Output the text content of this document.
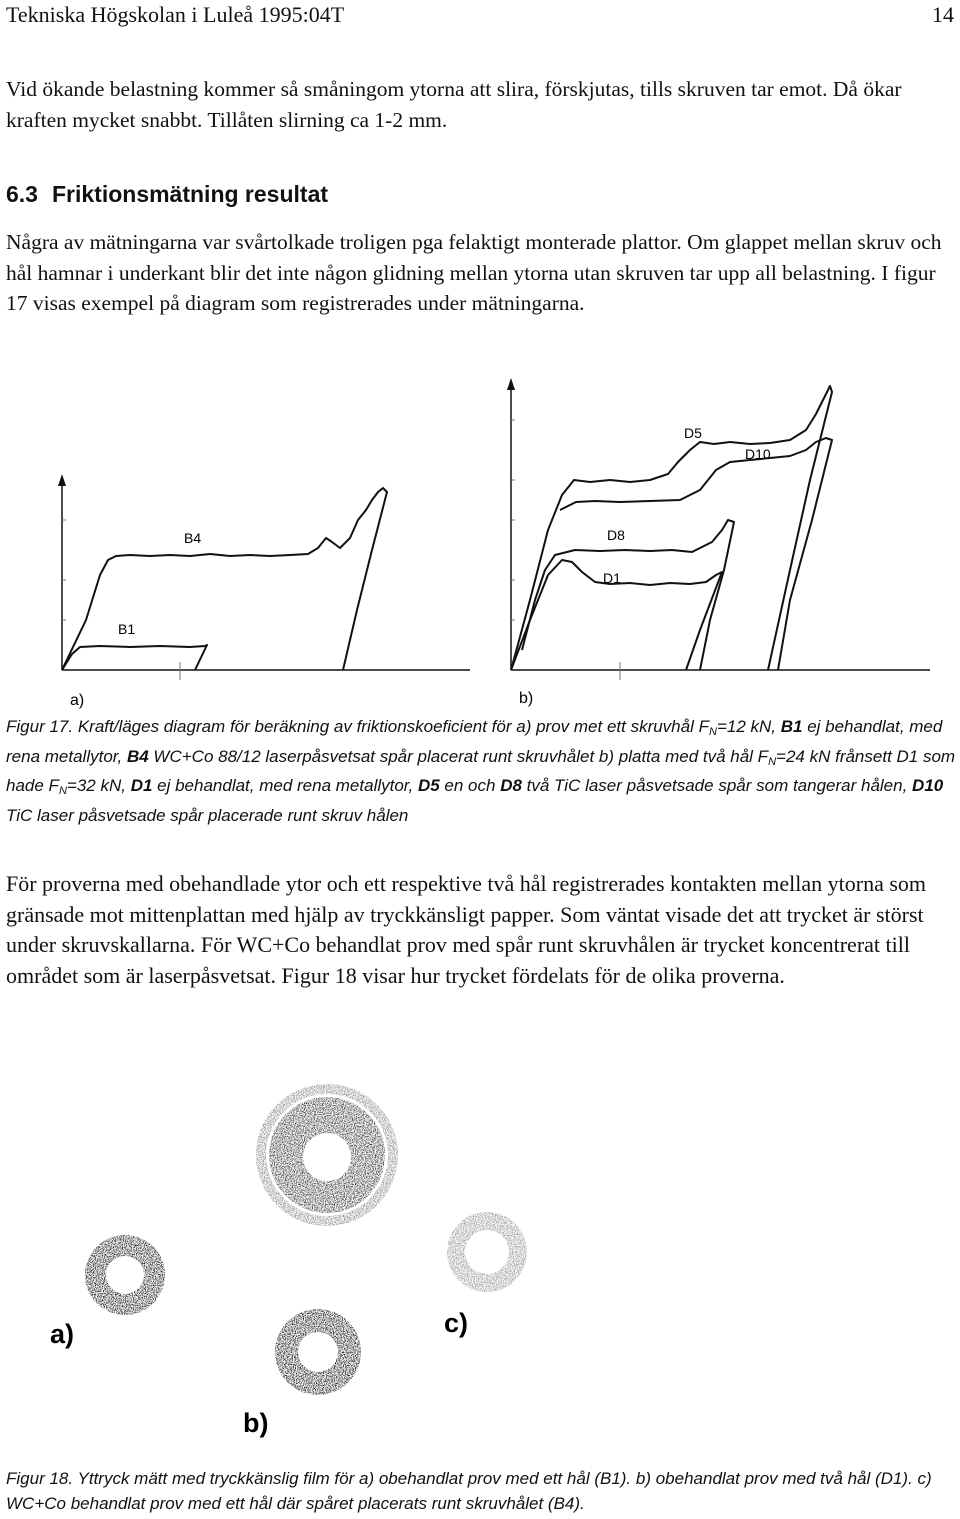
Tekniska Högskolan i Luleå 1995:04T	14
Vid ökande belastning kommer så småningom ytorna att slira, förskjutas, tills skruven tar emot. Då ökar kraften mycket snabbt. Tillåten slirning ca 1-2 mm.
6.3 Friktionsmätning resultat
Några av mätningarna var svårtolkade troligen pga felaktigt monterade plattor. Om glappet mellan skruv och hål hamnar i underkant blir det inte någon glidning mellan ytorna utan skruven tar upp all belastning. I figur 17 visas exempel på diagram som registrerades under mätningarna.
B4
B1
a)
D5
D10
D8
D1
b)
Figur 17. Kraft/läges diagram för beräkning av friktionskoeficient för a) prov met ett skruvhål $F_N=12$ kN, B1 ej behandlat, med rena metallytor, B4 WC+Co 88/12 laserpåsvetsat spår placerat runt skruvhålet b) platta med två hål $F_N=24$ kN frånsett D1 som hade $F_N=32$ kN, D1 ej behandlat, med rena metallytor, D5 en och D8 två TiC laser påsvetsade spår som tangerar hålen, D10 TiC laser påsvetsade spår placerade runt skruv hålen
För proverna med obehandlade ytor och ett respektive två hål registrerades kontakten mellan ytorna som gränsade mot mittenplattan med hjälp av tryckkänsligt papper. Som väntat visade det att trycket är störst under skruvskallarna. För WC+Co behandlat prov med spår runt skruvhålen är trycket koncentrerat till området som är laserpåsvetsat. Figur 18 visar hur trycket fördelats för de olika proverna.
a)
b)
c)
Figur 18. Yttryck mätt med tryckkänslig film för a) obehandlat prov med ett hål (B1). b) obehandlat prov med två hål (D1). c) WC+Co behandlat prov med ett hål där spåret placerats runt skruvhålet (B4).
